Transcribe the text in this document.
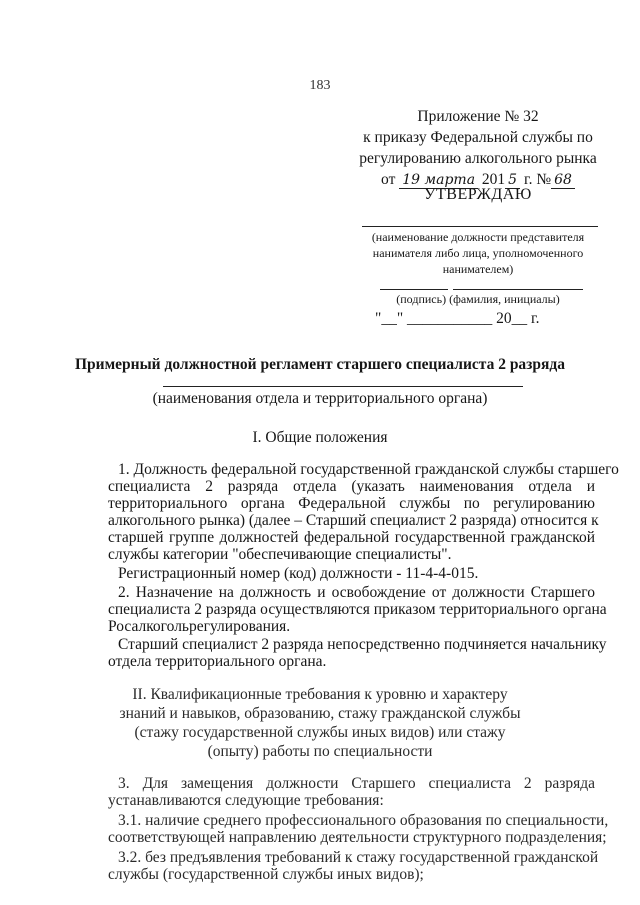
183
Приложение № 32
к приказу Федеральной службы по
регулированию алкогольного рынка
от 19 марта 201 5 г. № 68
УТВЕРЖДАЮ
(наименование должности представителя
нанимателя либо лица, уполномоченного
нанимателем)
(подпись) (фамилия, инициалы)
"__" ___________ 20__ г.
Примерный должностной регламент старшего специалиста 2 разряда
(наименования отдела и территориального органа)
I. Общие положения
1. Должность федеральной государственной гражданской службы старшего
специалиста 2 разряда отдела (указать наименования отдела и
территориального органа Федеральной службы по регулированию
алкогольного рынка) (далее – Старший специалист 2 разряда) относится к
старшей группе должностей федеральной государственной гражданской
службы категории "обеспечивающие специалисты".
Регистрационный номер (код) должности - 11-4-4-015.
2. Назначение на должность и освобождение от должности Старшего
специалиста 2 разряда осуществляются приказом территориального органа
Росалкогольрегулирования.
Старший специалист 2 разряда непосредственно подчиняется начальнику
отдела территориального органа.
II. Квалификационные требования к уровню и характеру
знаний и навыков, образованию, стажу гражданской службы
(стажу государственной службы иных видов) или стажу
(опыту) работы по специальности
3. Для замещения должности Старшего специалиста 2 разряда
устанавливаются следующие требования:
3.1. наличие среднего профессионального образования по специальности,
соответствующей направлению деятельности структурного подразделения;
3.2. без предъявления требований к стажу государственной гражданской
службы (государственной службы иных видов);
